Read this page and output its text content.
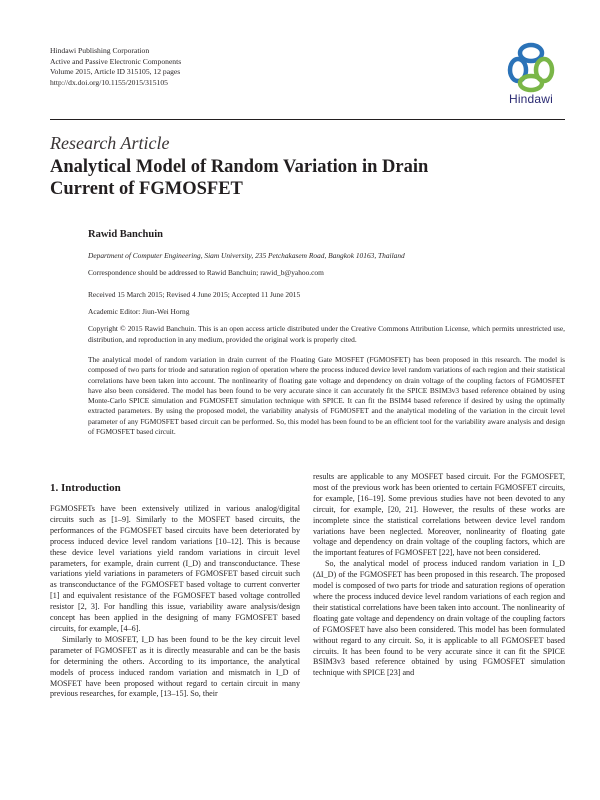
Hindawi Publishing Corporation
Active and Passive Electronic Components
Volume 2015, Article ID 315105, 12 pages
http://dx.doi.org/10.1155/2015/315105
Hindawi
Research Article
Analytical Model of Random Variation in Drain
Current of FGMOSFET
Rawid Banchuin
Department of Computer Engineering, Siam University, 235 Petchakasem Road, Bangkok 10163, Thailand
Correspondence should be addressed to Rawid Banchuin; rawid_b@yahoo.com
Received 15 March 2015; Revised 4 June 2015; Accepted 11 June 2015
Academic Editor: Jiun-Wei Horng
Copyright © 2015 Rawid Banchuin. This is an open access article distributed under the Creative Commons Attribution License, which permits unrestricted use, distribution, and reproduction in any medium, provided the original work is properly cited.
The analytical model of random variation in drain current of the Floating Gate MOSFET (FGMOSFET) has been proposed in this research. The model is composed of two parts for triode and saturation region of operation where the process induced device level random variations of each region and their statistical correlations have been taken into account. The nonlinearity of floating gate voltage and dependency on drain voltage of the coupling factors of FGMOSFET have also been considered. The model has been found to be very accurate since it can accurately fit the SPICE BSIM3v3 based reference obtained by using Monte-Carlo SPICE simulation and FGMOSFET simulation technique with SPICE. It can fit the BSIM4 based reference if desired by using the optimally extracted parameters. By using the proposed model, the variability analysis of FGMOSFET and the analytical modeling of the variation in the circuit level parameter of any FGMOSFET based circuit can be performed. So, this model has been found to be an efficient tool for the variability aware analysis and design of FGMOSFET based circuit.
1. Introduction

FGMOSFETs have been extensively utilized in various analog/digital circuits such as [1–9]. Similarly to the MOSFET based circuits, the performances of the FGMOSFET based circuits have been deteriorated by process induced device level random variations [10–12]. This is because these device level variations yield random variations in circuit level parameters, for example, drain current (I_D) and transconductance. These variations yield variations in parameters of FGMOSFET based circuit such as transconductance of the FGMOSFET based voltage to current converter [1] and equivalent resistance of the FGMOSFET based voltage controlled resistor [2, 3]. For handling this issue, variability aware analysis/design concept has been applied in the designing of many FGMOSFET based circuits, for example, [4–6].

Similarly to MOSFET, I_D has been found to be the key circuit level parameter of FGMOSFET as it is directly measurable and can be the basis for determining the others. According to its importance, the analytical models of process induced random variation and mismatch in I_D of MOSFET have been proposed without regard to certain circuit in many previous researches, for example, [13–15]. So, their

results are applicable to any MOSFET based circuit. For the FGMOSFET, most of the previous work has been oriented to certain FGMOSFET circuits, for example, [16–19]. Some previous studies have not been devoted to any circuit, for example, [20, 21]. However, the results of these works are incomplete since the statistical correlations between device level random variations have been neglected. Moreover, nonlinearity of floating gate voltage and dependency on drain voltage of the coupling factors, which are the important features of FGMOSFET [22], have not been considered.

So, the analytical model of process induced random variation in I_D (ΔI_D) of the FGMOSFET has been proposed in this research. The proposed model is composed of two parts for triode and saturation regions of operation where the process induced device level random variations of each region and their statistical correlations have been taken into account. The nonlinearity of floating gate voltage and dependency on drain voltage of the coupling factors of FGMOSFET have also been considered. This model has been formulated without regard to any circuit. So, it is applicable to all FGMOSFET based circuits. It has been found to be very accurate since it can fit the SPICE BSIM3v3 based reference obtained by using FGMOSFET simulation technique with SPICE [23] and
